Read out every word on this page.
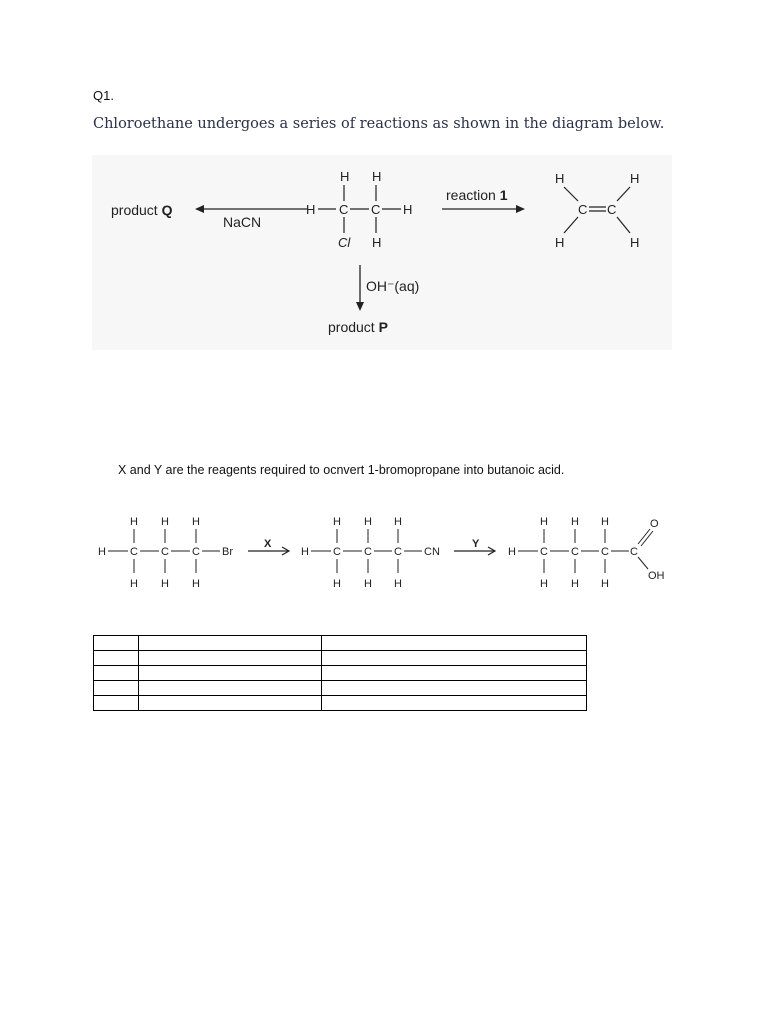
Q1.
Chloroethane undergoes a series of reactions as shown in the diagram below.
product Q
NaCN
H H
H C C H
Cl H
reaction 1
H	H
C C
H	H
OH⁻(aq)
product P
X and Y are the reagents required to ocnvert 1-bromopropane into butanoic acid.
H H H
H C C C Br
H H H
X
H H H
H C C C CN
H H H
Y
H H H
H C C C C
O
OH
H H H
